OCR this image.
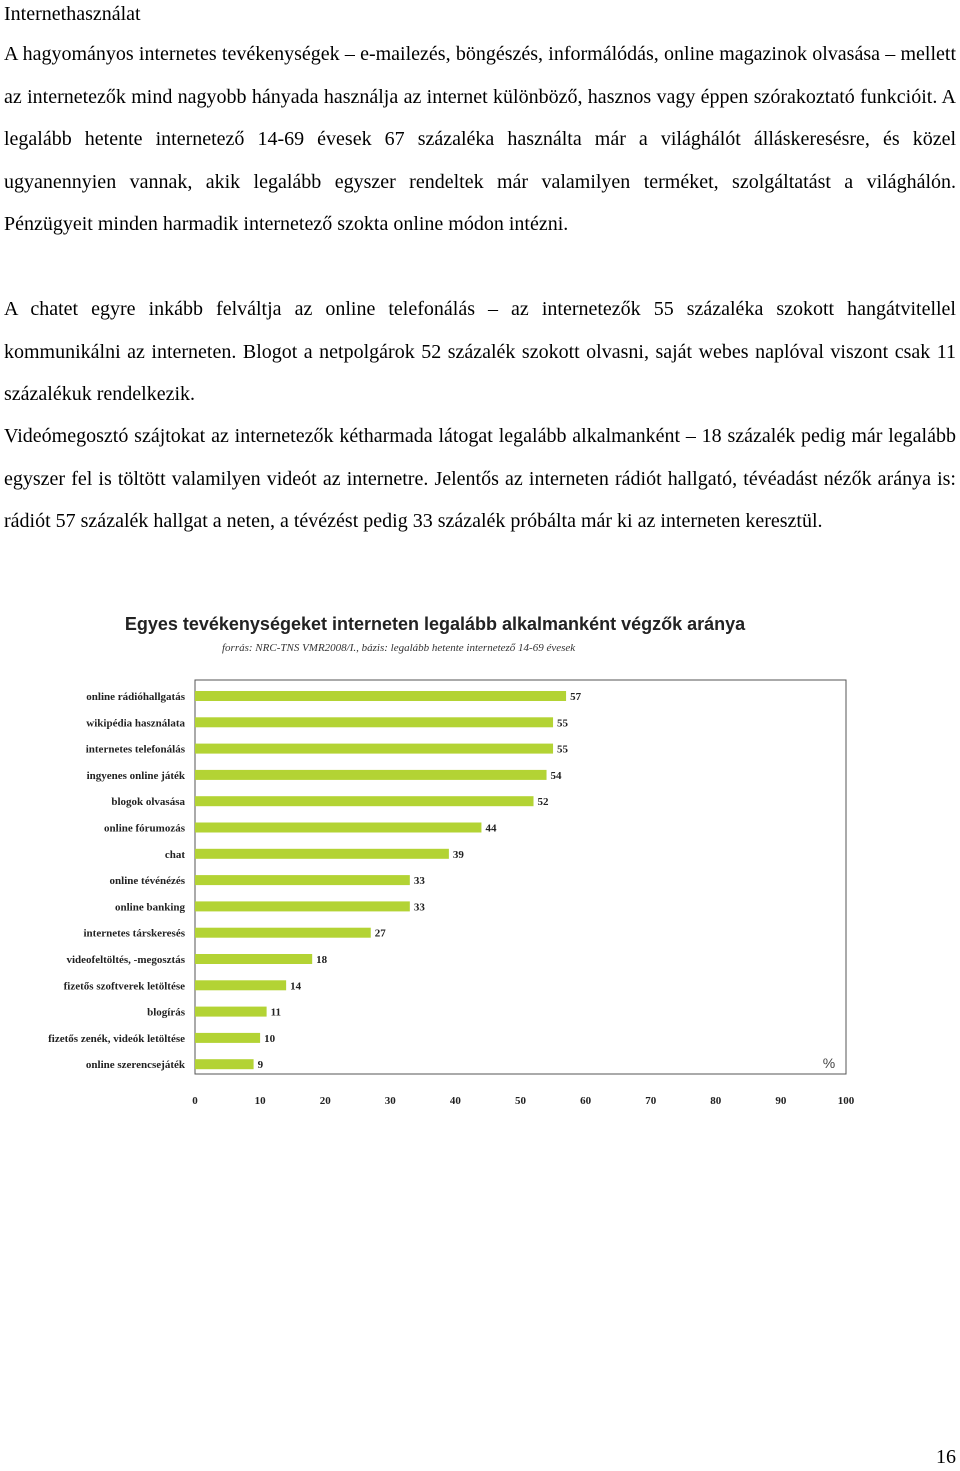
Internethasználat

A hagyományos internetes tevékenységek – e-mailezés, böngészés, informálódás, online magazinok olvasása – mellett az internetezők mind nagyobb hányada használja az internet különböző, hasznos vagy éppen szórakoztató funkcióit. A legalább hetente internetező 14-69 évesek 67 százaléka használta már a világhálót álláskeresésre, és közel ugyanennyien vannak, akik legalább egyszer rendeltek már valamilyen terméket, szolgáltatást a világhálón. Pénzügyeit minden harmadik internetező szokta online módon intézni.

A chatet egyre inkább felváltja az online telefonálás – az internetezők 55 százaléka szokott hangátvitellel kommunikálni az interneten. Blogot a netpolgárok 52 százalék szokott olvasni, saját webes naplóval viszont csak 11 százalékuk rendelkezik.

Videómegosztó szájtokat az internetezők kétharmada látogat legalább alkalmanként – 18 százalék pedig már legalább egyszer fel is töltött valamilyen videót az internetre. Jelentős az interneten rádiót hallgató, tévéadást nézők aránya is: rádiót 57 százalék hallgat a neten, a tévézést pedig 33 százalék próbálta már ki az interneten keresztül.

Egyes tevékenységeket interneten legalább alkalmanként végzők aránya

forrás: NRC-TNS VMR2008/I., bázis: legalább hetente internetező 14-69 évesek

online rádióhallgatás	57
wikipédia használata	55
internetes telefonálás	55
ingyenes online játék	54
blogok olvasása	52
online fórumozás	44
chat	39
online tévénézés	33
online banking	33
internetes társkeresés	27
videofeltöltés, -megosztás	18
fizetős szoftverek letöltése	14
blogírás	11
fizetős zenék, videók letöltése	10
online szerencsejáték	9
0	10	20	30	40	50	60	70	80	90	100
%

16
